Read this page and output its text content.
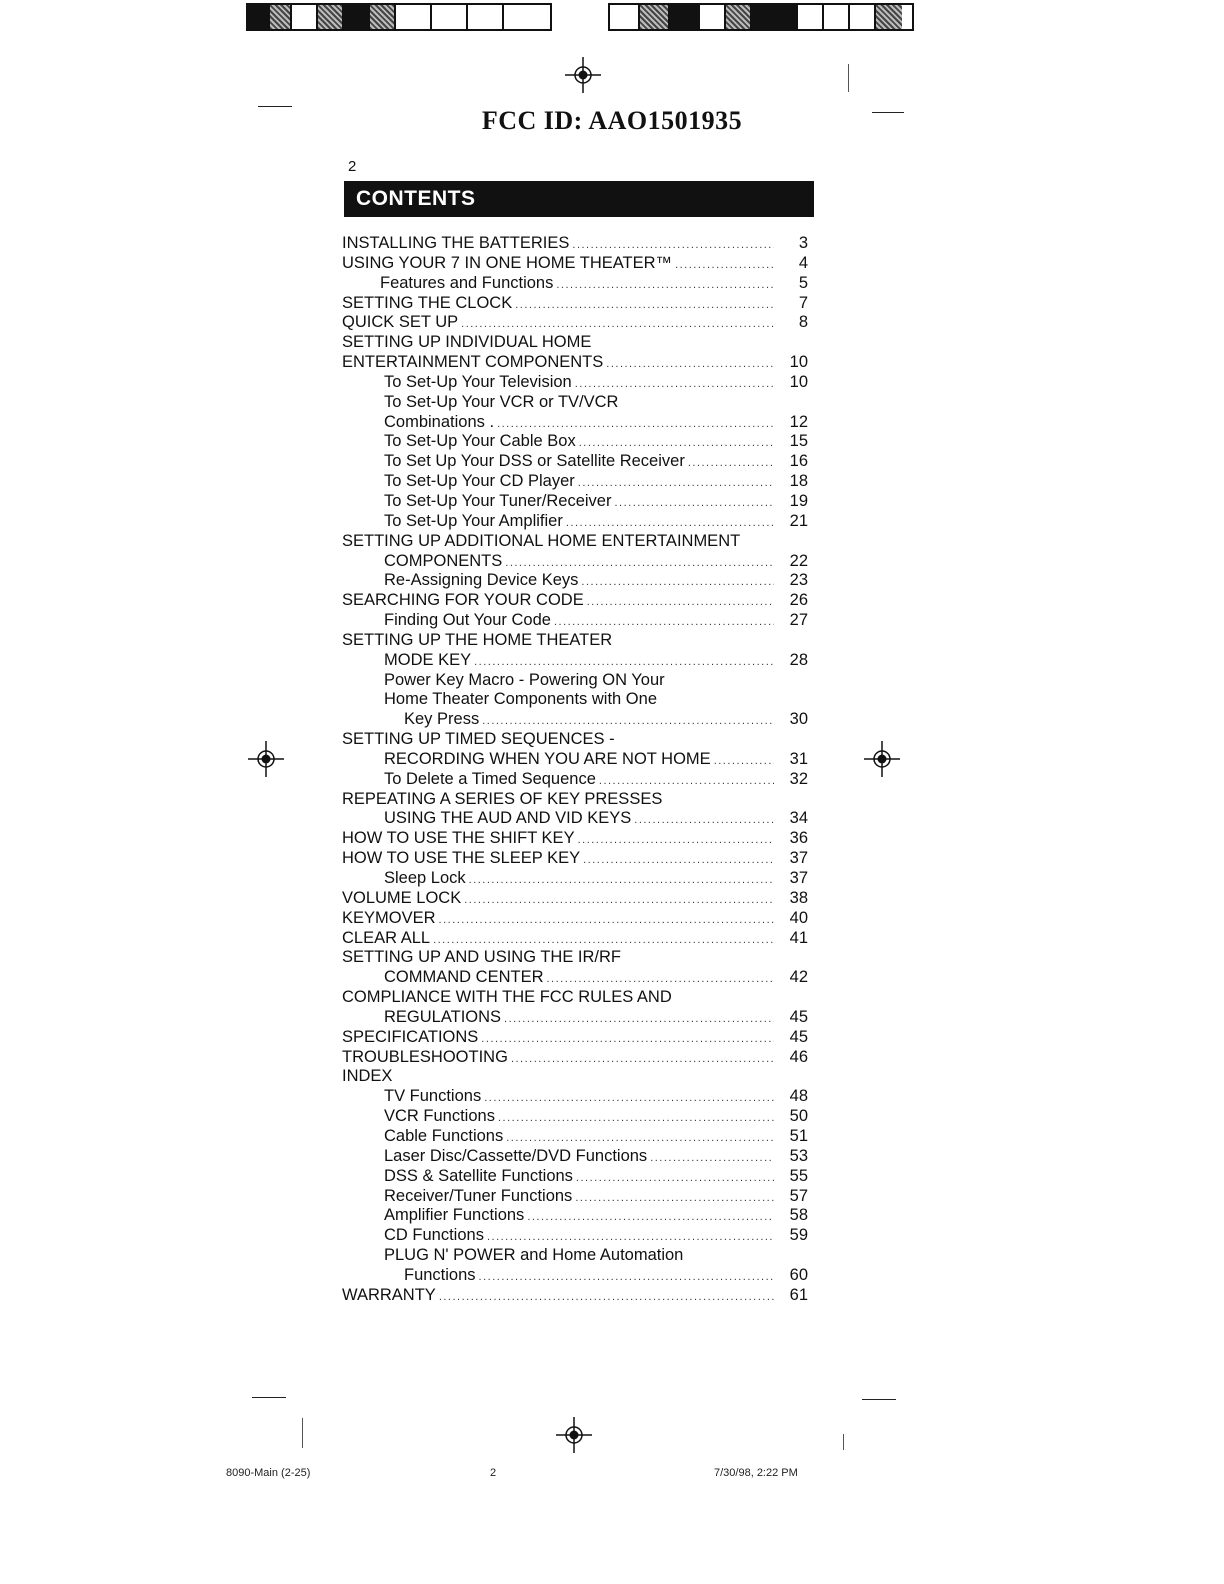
FCC ID: AAO1501935
2
CONTENTS
INSTALLING THE BATTERIES .....	3
USING YOUR 7 IN ONE HOME THEATER™ .....	4
Features and Functions .....	5
SETTING THE CLOCK .....	7
QUICK SET UP .....	8
SETTING UP INDIVIDUAL HOME
ENTERTAINMENT COMPONENTS .....	10
To Set-Up Your Television .....	10
To Set-Up Your VCR or TV/VCR
Combinations . .....	12
To Set-Up Your Cable Box .....	15
To Set Up Your DSS or Satellite Receiver .....	16
To Set-Up Your CD Player .....	18
To Set-Up Your Tuner/Receiver .....	19
To Set-Up Your Amplifier .....	21
SETTING UP ADDITIONAL HOME ENTERTAINMENT
COMPONENTS .....	22
Re-Assigning Device Keys .....	23
SEARCHING FOR YOUR CODE .....	26
Finding Out Your Code .....	27
SETTING UP THE HOME THEATER
MODE KEY .....	28
Power Key Macro - Powering ON Your
Home Theater Components with One
Key Press .....	30
SETTING UP TIMED SEQUENCES -
RECORDING WHEN YOU ARE NOT HOME .....	31
To Delete a Timed Sequence .....	32
REPEATING A SERIES OF KEY PRESSES
USING THE AUD AND VID KEYS .....	34
HOW TO USE THE SHIFT KEY .....	36
HOW TO USE THE SLEEP KEY .....	37
Sleep Lock .....	37
VOLUME LOCK .....	38
KEYMOVER .....	40
CLEAR ALL .....	41
SETTING UP AND USING THE IR/RF
COMMAND CENTER .....	42
COMPLIANCE WITH THE FCC RULES AND
REGULATIONS .....	45
SPECIFICATIONS .....	45
TROUBLESHOOTING .....	46
INDEX
TV Functions .....	48
VCR Functions .....	50
Cable Functions .....	51
Laser Disc/Cassette/DVD Functions .....	53
DSS & Satellite Functions .....	55
Receiver/Tuner Functions .....	57
Amplifier Functions .....	58
CD Functions .....	59
PLUG N' POWER and Home Automation
Functions .....	60
WARRANTY .....	61
8090-Main (2-25)	2	7/30/98, 2:22 PM
